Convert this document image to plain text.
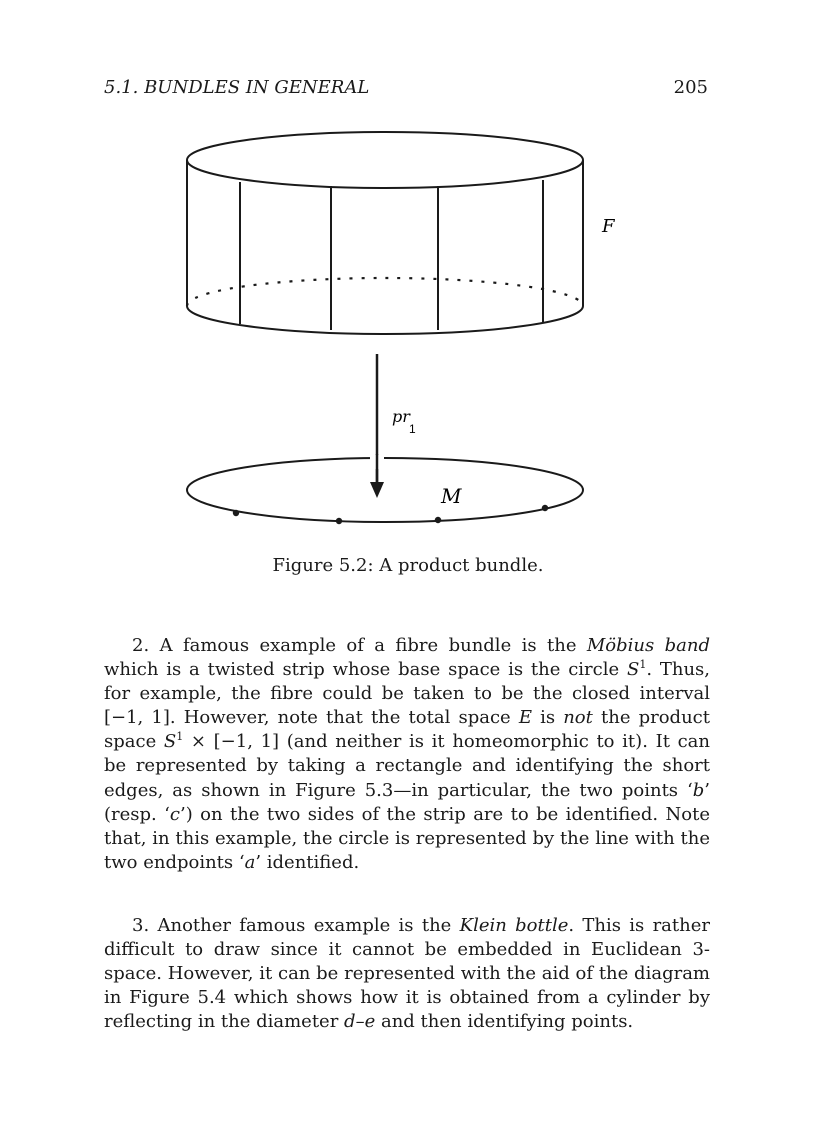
5.1. BUNDLES IN GENERAL	205
F
pr
1
M
Figure 5.2: A product bundle.

2. A famous example of a fibre bundle is the Möbius band which is a twisted strip whose base space is the circle $S^1$. Thus, for example, the fibre could be taken to be the closed interval [−1, 1]. However, note that the total space E is not the product space $S^1 \times [-1$, 1] (and neither is it homeomorphic to it). It can be represented by taking a rectangle and identifying the short edges, as shown in Figure 5.3—in particular, the two points ‘b’ (resp. ‘c’) on the two sides of the strip are to be identified. Note that, in this example, the circle is represented by the line with the two endpoints ‘a’ identified.

3. Another famous example is the Klein bottle. This is rather difficult to draw since it cannot be embedded in Euclidean 3-space. However, it can be represented with the aid of the diagram in Figure 5.4 which shows how it is obtained from a cylinder by reflecting in the diameter d–e and then identifying points.
